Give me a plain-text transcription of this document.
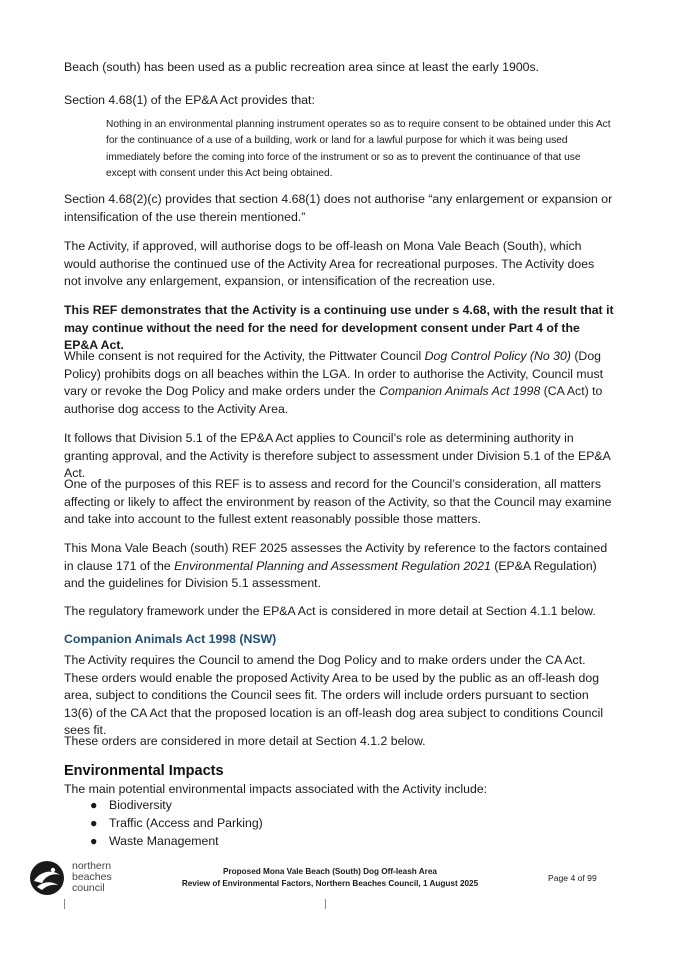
Beach (south) has been used as a public recreation area since at least the early 1900s.

Section 4.68(1) of the EP&A Act provides that:

Nothing in an environmental planning instrument operates so as to require consent to be obtained under this Act for the continuance of a use of a building, work or land for a lawful purpose for which it was being used immediately before the coming into force of the instrument or so as to prevent the continuance of that use except with consent under this Act being obtained.

Section 4.68(2)(c) provides that section 4.68(1) does not authorise “any enlargement or expansion or intensification of the use therein mentioned.”

The Activity, if approved, will authorise dogs to be off-leash on Mona Vale Beach (South), which would authorise the continued use of the Activity Area for recreational purposes. The Activity does not involve any enlargement, expansion, or intensification of the recreation use.

This REF demonstrates that the Activity is a continuing use under s 4.68, with the result that it may continue without the need for the need for development consent under Part 4 of the EP&A Act.

While consent is not required for the Activity, the Pittwater Council Dog Control Policy (No 30) (Dog Policy) prohibits dogs on all beaches within the LGA. In order to authorise the Activity, Council must vary or revoke the Dog Policy and make orders under the Companion Animals Act 1998 (CA Act) to authorise dog access to the Activity Area.

It follows that Division 5.1 of the EP&A Act applies to Council’s role as determining authority in granting approval, and the Activity is therefore subject to assessment under Division 5.1 of the EP&A Act.

One of the purposes of this REF is to assess and record for the Council’s consideration, all matters affecting or likely to affect the environment by reason of the Activity, so that the Council may examine and take into account to the fullest extent reasonably possible those matters.

This Mona Vale Beach (south) REF 2025 assesses the Activity by reference to the factors contained in clause 171 of the Environmental Planning and Assessment Regulation 2021 (EP&A Regulation) and the guidelines for Division 5.1 assessment.

The regulatory framework under the EP&A Act is considered in more detail at Section 4.1.1 below.

Companion Animals Act 1998 (NSW)

The Activity requires the Council to amend the Dog Policy and to make orders under the CA Act. These orders would enable the proposed Activity Area to be used by the public as an off-leash dog area, subject to conditions the Council sees fit. The orders will include orders pursuant to section 13(6) of the CA Act that the proposed location is an off-leash dog area subject to conditions Council sees fit.

These orders are considered in more detail at Section 4.1.2 below.

Environmental Impacts

The main potential environmental impacts associated with the Activity include:

● Biodiversity
● Traffic (Access and Parking)
● Waste Management
northern
beaches
council
Proposed Mona Vale Beach (South) Dog Off-leash Area
Review of Environmental Factors, Northern Beaches Council, 1 August 2025
Page 4 of 99
